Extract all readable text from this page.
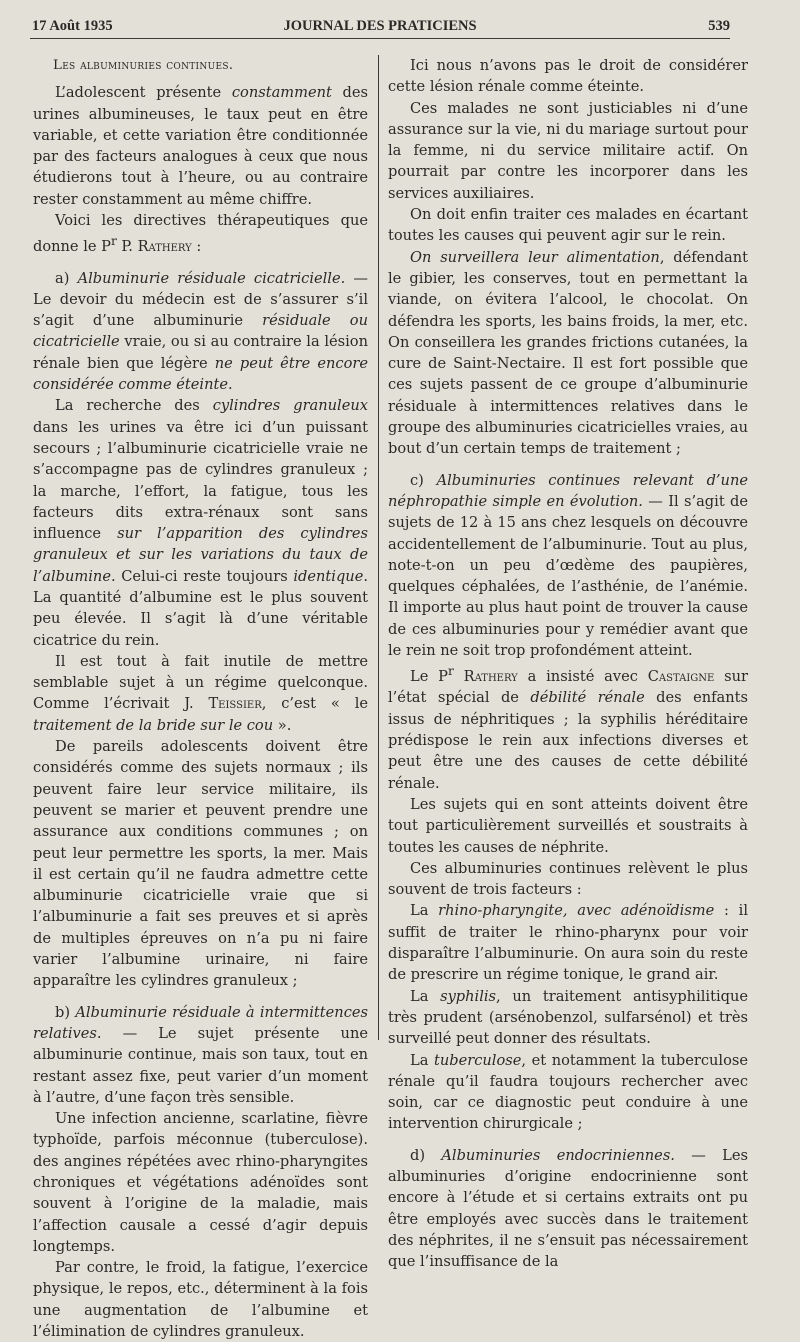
17 Août 1935	JOURNAL DES PRATICIENS	539

Les albuminuries continues.

L’adolescent présente constamment des urines albumineuses, le taux peut en être variable, et cette variation être conditionnée par des facteurs analogues à ceux que nous étudierons tout à l’heure, ou au contraire rester constamment au même chiffre.

Voici les directives thérapeutiques que donne le $P^r$ P. Rathery :

a) Albuminurie résiduale cicatricielle. — Le devoir du médecin est de s’assurer s’il s’agit d’une albuminurie résiduale ou cicatricielle vraie, ou si au contraire la lésion rénale bien que légère ne peut être encore considérée comme éteinte.

La recherche des cylindres granuleux dans les urines va être ici d’un puissant secours ; l’albuminurie cicatricielle vraie ne s’accompagne pas de cylindres granuleux ; la marche, l’effort, la fatigue, tous les facteurs dits extra-rénaux sont sans influence sur l’apparition des cylindres granuleux et sur les variations du taux de l’albumine. Celui-ci reste toujours identique. La quantité d’albumine est le plus souvent peu élevée. Il s’agit là d’une véritable cicatrice du rein.

Il est tout à fait inutile de mettre semblable sujet à un régime quelconque. Comme l’écrivait J. Teissier, c’est « le traitement de la bride sur le cou ».

De pareils adolescents doivent être considérés comme des sujets normaux ; ils peuvent faire leur service militaire, ils peuvent se marier et peuvent prendre une assurance aux conditions communes ; on peut leur permettre les sports, la mer. Mais il est certain qu’il ne faudra admettre cette albuminurie cicatricielle vraie que si l’albuminurie a fait ses preuves et si après de multiples épreuves on n’a pu ni faire varier l’albumine urinaire, ni faire apparaître les cylindres granuleux ;

b) Albuminurie résiduale à intermittences relatives. — Le sujet présente une albuminurie continue, mais son taux, tout en restant assez fixe, peut varier d’un moment à l’autre, d’une façon très sensible.

Une infection ancienne, scarlatine, fièvre typhoïde, parfois méconnue (tuberculose). des angines répétées avec rhino-pharyngites chroniques et végétations adénoïdes sont souvent à l’origine de la maladie, mais l’affection causale a cessé d’agir depuis longtemps.

Par contre, le froid, la fatigue, l’exercice physique, le repos, etc., déterminent à la fois une augmentation de l’albumine et l’élimination de cylindres granuleux.

Ici nous n’avons pas le droit de considérer cette lésion rénale comme éteinte.

Ces malades ne sont justiciables ni d’une assurance sur la vie, ni du mariage surtout pour la femme, ni du service militaire actif. On pourrait par contre les incorporer dans les services auxiliaires.

On doit enfin traiter ces malades en écartant toutes les causes qui peuvent agir sur le rein.

On surveillera leur alimentation, défendant le gibier, les conserves, tout en permettant la viande, on évitera l’alcool, le chocolat. On défendra les sports, les bains froids, la mer, etc. On conseillera les grandes frictions cutanées, la cure de Saint-Nectaire. Il est fort possible que ces sujets passent de ce groupe d’albuminurie résiduale à intermittences relatives dans le groupe des albuminuries cicatricielles vraies, au bout d’un certain temps de traitement ;

c) Albuminuries continues relevant d’une néphropathie simple en évolution. — Il s’agit de sujets de 12 à 15 ans chez lesquels on découvre accidentellement de l’albuminurie. Tout au plus, note-t-on un peu d’œdème des paupières, quelques céphalées, de l’asthénie, de l’anémie. Il importe au plus haut point de trouver la cause de ces albuminuries pour y remédier avant que le rein ne soit trop profondément atteint.

Le $P^r$ Rathery a insisté avec Castaigne sur l’état spécial de débilité rénale des enfants issus de néphritiques ; la syphilis héréditaire prédispose le rein aux infections diverses et peut être une des causes de cette débilité rénale.

Les sujets qui en sont atteints doivent être tout particulièrement surveillés et soustraits à toutes les causes de néphrite.

Ces albuminuries continues relèvent le plus souvent de trois facteurs :

La rhino-pharyngite, avec adénoïdisme : il suffit de traiter le rhino-pharynx pour voir disparaître l’albuminurie. On aura soin du reste de prescrire un régime tonique, le grand air.

La syphilis, un traitement antisyphilitique très prudent (arsénobenzol, sulfarsénol) et très surveillé peut donner des résultats.

La tuberculose, et notamment la tuberculose rénale qu’il faudra toujours rechercher avec soin, car ce diagnostic peut conduire à une intervention chirurgicale ;

d) Albuminuries endocriniennes. — Les albuminuries d’origine endocrinienne sont encore à l’étude et si certains extraits ont pu être employés avec succès dans le traitement des néphrites, il ne s’ensuit pas nécessairement que l’insuffisance de la
